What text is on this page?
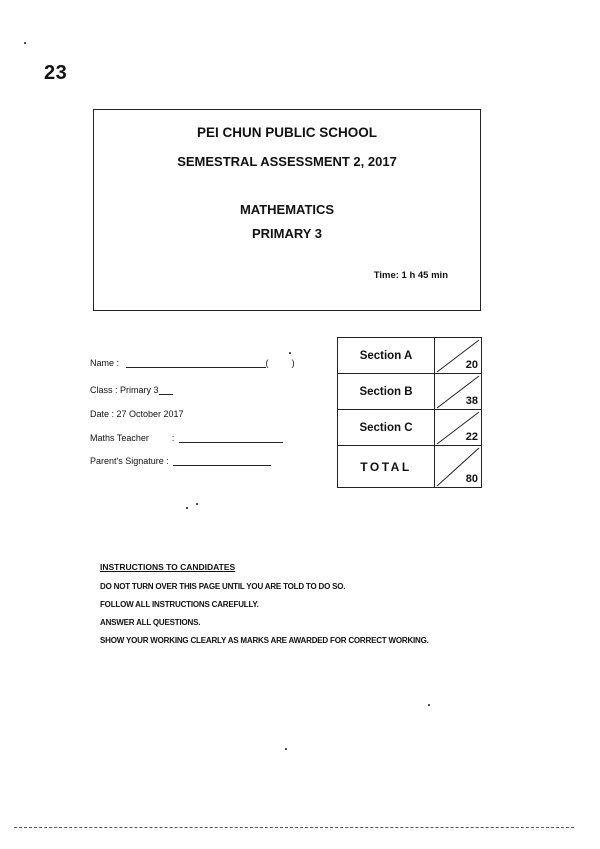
23
PEI CHUN PUBLIC SCHOOL
SEMESTRAL ASSESSMENT 2, 2017
MATHEMATICS
PRIMARY 3
Time: 1 h 45 min
Name :	(	)
Class : Primary 3
Date : 27 October 2017
Maths Teacher	:
Parent's Signature :
Section A	20

Section B	38

Section C	22

TOTAL	80
INSTRUCTIONS TO CANDIDATES
DO NOT TURN OVER THIS PAGE UNTIL YOU ARE TOLD TO DO SO.
FOLLOW ALL INSTRUCTIONS CAREFULLY.
ANSWER ALL QUESTIONS.
SHOW YOUR WORKING CLEARLY AS MARKS ARE AWARDED FOR CORRECT WORKING.
